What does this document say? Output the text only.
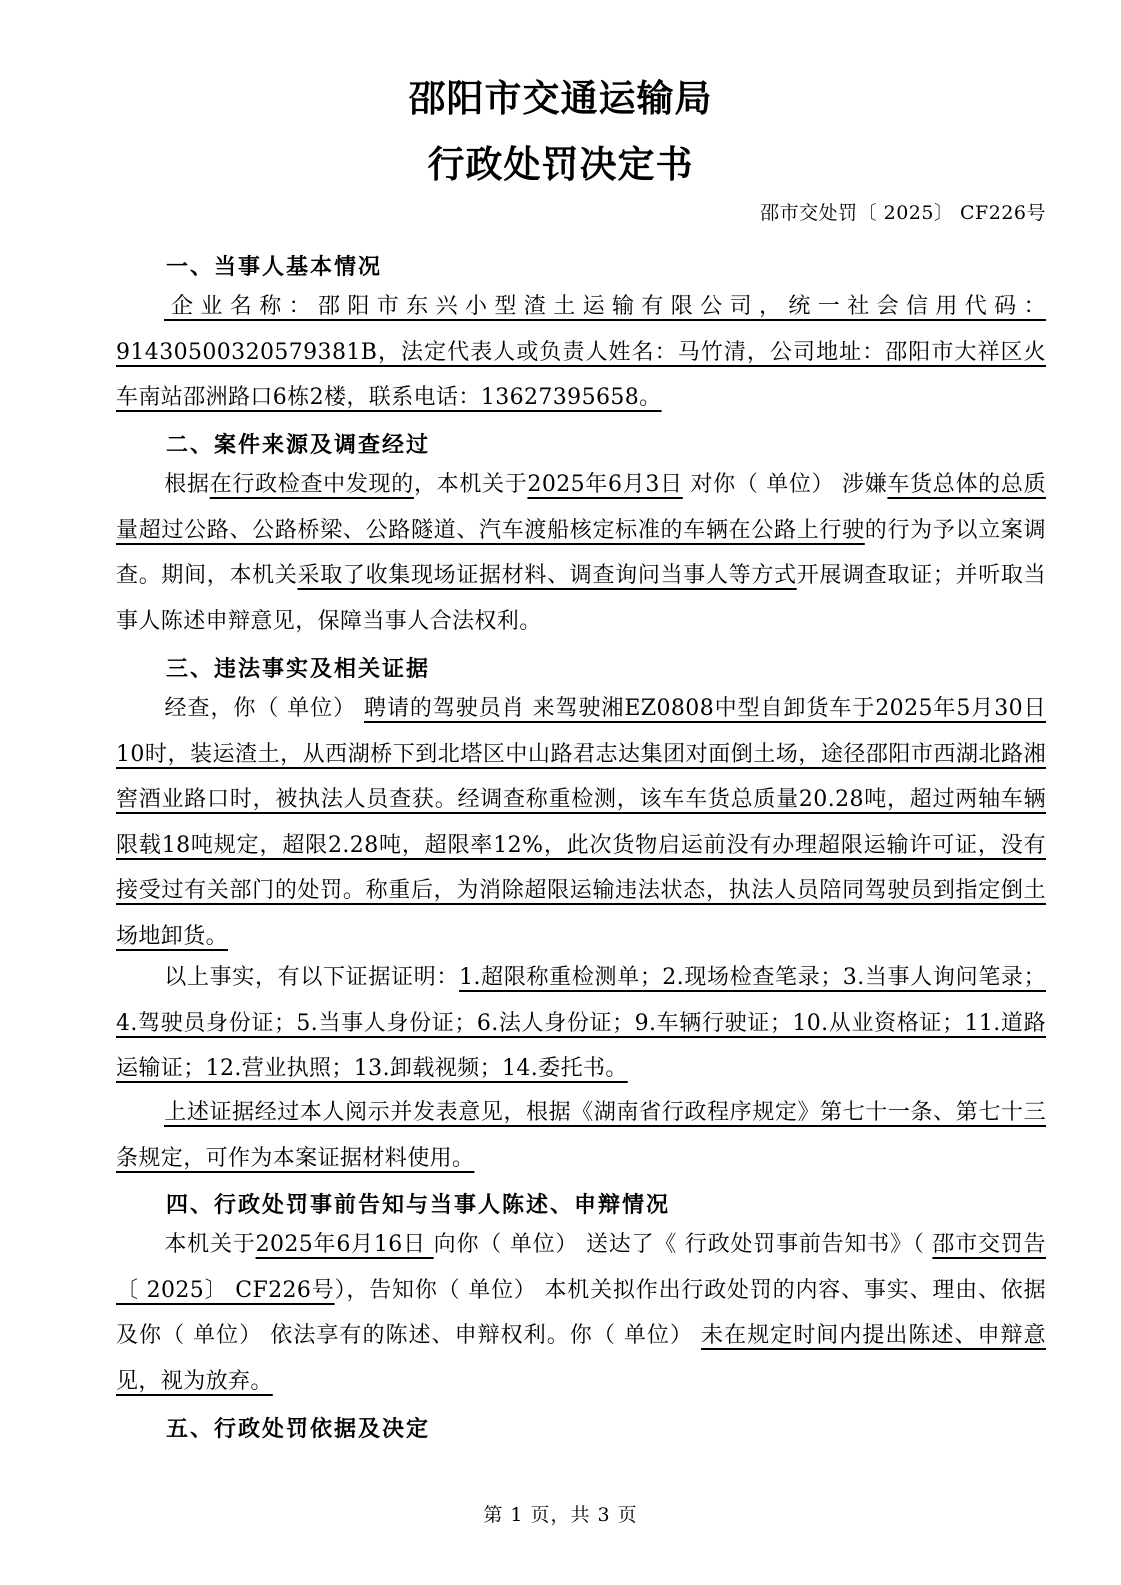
邵阳市交通运输局
行政处罚决定书
邵市交处罚〔 2025〕 CF226号
一、当事人基本情况
企业名称：邵阳市东兴小型渣土运输有限公司，统一社会信用代码：91430500320579381B，法定代表人或负责人姓名：马竹清，公司地址：邵阳市大祥区火车南站邵洲路口6栋2楼，联系电话：13627395658。
二、案件来源及调查经过
根据在行政检查中发现的，本机关于2025年6月3日 对你（ 单位） 涉嫌车货总体的总质量超过公路、公路桥梁、公路隧道、汽车渡船核定标准的车辆在公路上行驶的行为予以立案调查。期间，本机关采取了收集现场证据材料、调查询问当事人等方式开展调查取证；并听取当事人陈述申辩意见，保障当事人合法权利。
三、违法事实及相关证据
经查，你（ 单位） 聘请的驾驶员肖 来驾驶湘EZ0808中型自卸货车于2025年5月30日10时，装运渣土，从西湖桥下到北塔区中山路君志达集团对面倒土场，途径邵阳市西湖北路湘窖酒业路口时，被执法人员查获。经调查称重检测，该车车货总质量20.28吨，超过两轴车辆限载18吨规定，超限2.28吨，超限率12%，此次货物启运前没有办理超限运输许可证，没有接受过有关部门的处罚。称重后，为消除超限运输违法状态，执法人员陪同驾驶员到指定倒土场地卸货。
以上事实，有以下证据证明：1.超限称重检测单；2.现场检查笔录；3.当事人询问笔录；4.驾驶员身份证；5.当事人身份证；6.法人身份证；9.车辆行驶证；10.从业资格证；11.道路运输证；12.营业执照；13.卸载视频；14.委托书。
上述证据经过本人阅示并发表意见，根据《湖南省行政程序规定》第七十一条、第七十三条规定，可作为本案证据材料使用。
四、行政处罚事前告知与当事人陈述、申辩情况
本机关于2025年6月16日 向你（ 单位） 送达了《 行政处罚事前告知书》（ 邵市交罚告〔 2025〕 CF226号），告知你（ 单位） 本机关拟作出行政处罚的内容、事实、理由、依据及你（ 单位） 依法享有的陈述、申辩权利。你（ 单位） 未在规定时间内提出陈述、申辩意见，视为放弃。
五、行政处罚依据及决定
第 1 页，共 3 页
